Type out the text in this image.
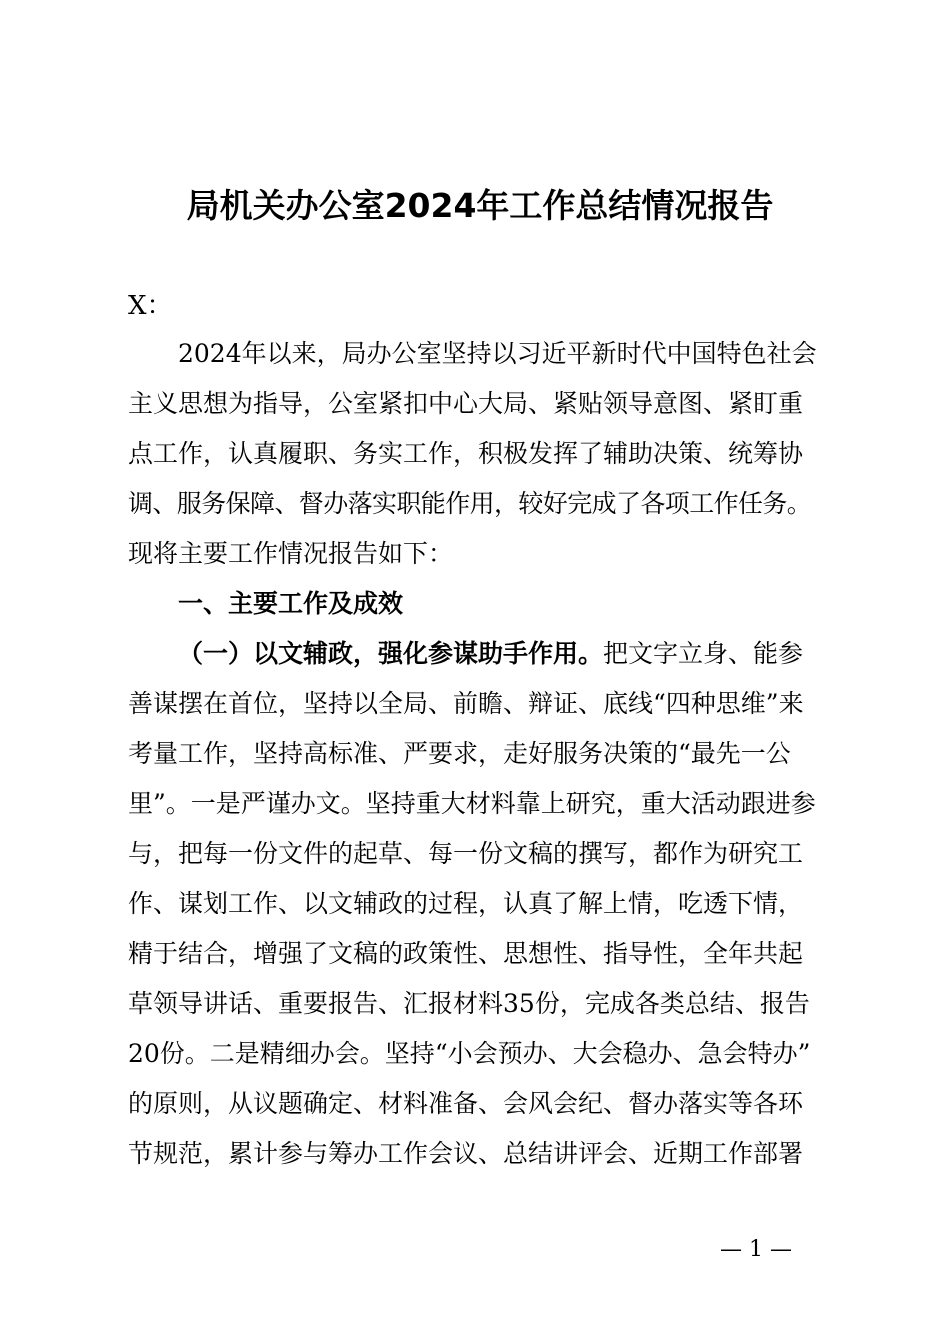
局机关办公室2024年工作总结情况报告
X：
2024年以来，局办公室坚持以习近平新时代中国特色社会
主义思想为指导，公室紧扣中心大局、紧贴领导意图、紧盯重
点工作，认真履职、务实工作，积极发挥了辅助决策、统筹协
调、服务保障、督办落实职能作用，较好完成了各项工作任务。
现将主要工作情况报告如下：
一、主要工作及成效
（一）以文辅政，强化参谋助手作用。把文字立身、能参
善谋摆在首位，坚持以全局、前瞻、辩证、底线“四种思维”来
考量工作，坚持高标准、严要求，走好服务决策的“最先一公
里”。一是严谨办文。坚持重大材料靠上研究，重大活动跟进参
与，把每一份文件的起草、每一份文稿的撰写，都作为研究工
作、谋划工作、以文辅政的过程，认真了解上情，吃透下情，
精于结合，增强了文稿的政策性、思想性、指导性，全年共起
草领导讲话、重要报告、汇报材料35份，完成各类总结、报告
20份。二是精细办会。坚持“小会预办、大会稳办、急会特办”
的原则，从议题确定、材料准备、会风会纪、督办落实等各环
节规范，累计参与筹办工作会议、总结讲评会、近期工作部署
— 1 —
